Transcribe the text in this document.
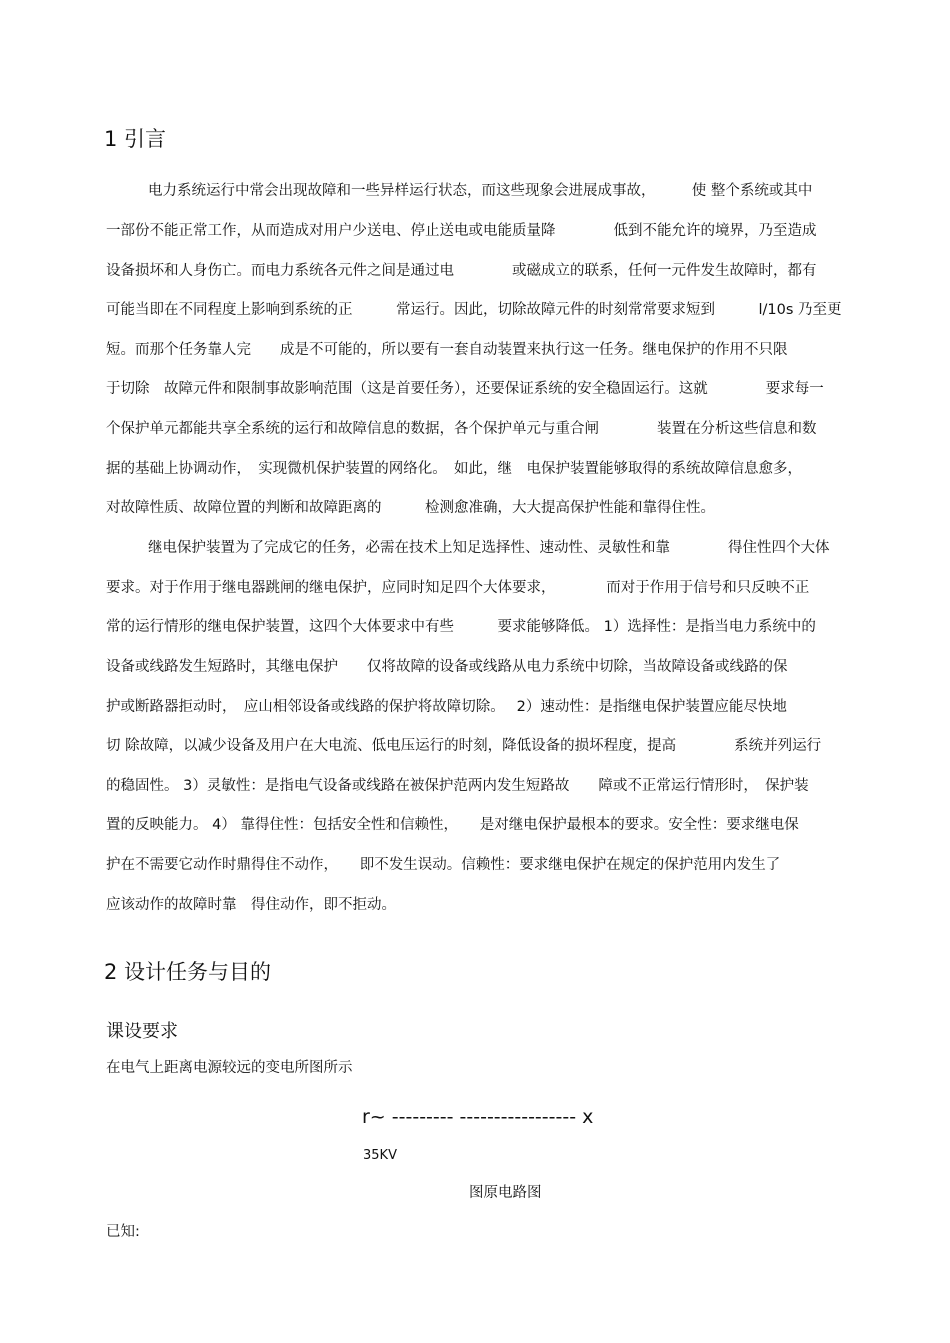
1 引言
电力系统运行中常会出现故障和一些异样运行状态，而这些现象会进展成事故，　　　使 整个系统或其中
一部份不能正常工作，从而造成对用户少送电、停止送电或电能质量降　　　　低到不能允许的境界，乃至造成
设备损坏和人身伤亡。而电力系统各元件之间是通过电　　　　或磁成立的联系，任何一元件发生故障时，都有
可能当即在不同程度上影响到系统的正　　　常运行。因此，切除故障元件的时刻常常要求短到　　　l/10s 乃至更
短。而那个任务靠人完　　成是不可能的，所以要有一套自动装置来执行这一任务。继电保护的作用不只限
于切除　故障元件和限制事故影响范围（这是首要任务），还要保证系统的安全稳固运行。这就　　　　要求每一
个保护单元都能共享全系统的运行和故障信息的数据，各个保护单元与重合闸　　　　装置在分析这些信息和数
据的基础上协调动作，　实现微机保护装置的网络化。　如此，继　电保护装置能够取得的系统故障信息愈多，
对故障性质、故障位置的判断和故障距离的　　　检测愈准确，大大提高保护性能和靠得住性。
继电保护装置为了完成它的任务，必需在技术上知足选择性、速动性、灵敏性和靠　　　　得住性四个大体
要求。对于作用于继电器跳闸的继电保护，应同时知足四个大体要求，　　　　而对于作用于信号和只反映不正
常的运行情形的继电保护装置，这四个大体要求中有些　　　要求能够降低。 1）选择性：是指当电力系统中的
设备或线路发生短路时，其继电保护　　仅将故障的设备或线路从电力系统中切除，当故障设备或线路的保
护或断路器拒动时，　应山相邻设备或线路的保护将故障切除。　 2）速动性：是指继电保护装置应能尽快地
切 除故障，以减少设备及用户在大电流、低电压运行的时刻，降低设备的损坏程度，提高　　　　系统并列运行
的稳固性。 3）灵敏性：是指电气设备或线路在被保护范两内发生短路故　　障或不正常运行情形时，　保护装
置的反映能力。 4） 靠得住性：包括安全性和信赖性，　　是对继电保护最根本的要求。安全性：要求继电保
护在不需要它动作时鼎得住不动作，　　即不发生误动。信赖性：要求继电保护在规定的保护范用内发生了
应该动作的故障时靠　得住动作，即不拒动。
2 设计任务与目的
课设要求
在电气上距离电源较远的变电所图所示
r~ --------- ----------------- x
35KV
图原电路图
已知:
